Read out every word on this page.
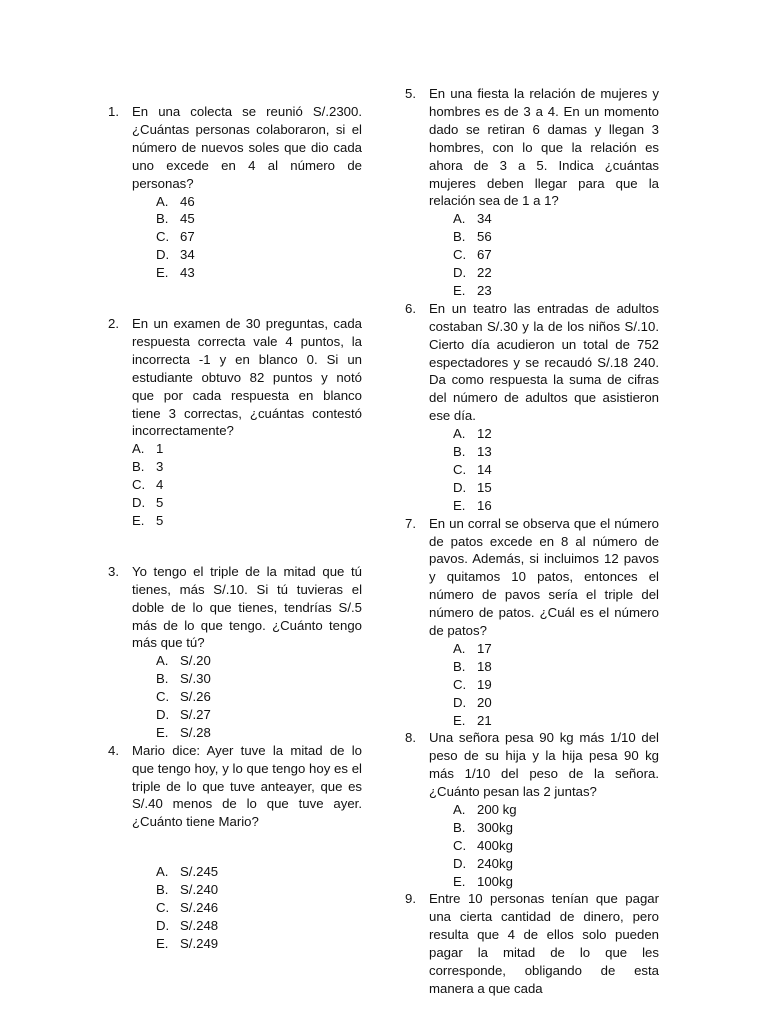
1. En una colecta se reunió S/.2300. ¿Cuántas personas colaboraron, si el número de nuevos soles que dio cada uno excede en 4 al número de personas?
A. 46
B. 45
C. 67
D. 34
E. 43
2. En un examen de 30 preguntas, cada respuesta correcta vale 4 puntos, la incorrecta -1 y en blanco 0. Si un estudiante obtuvo 82 puntos y notó que por cada respuesta en blanco tiene 3 correctas, ¿cuántas contestó incorrectamente?
A. 1
B. 3
C. 4
D. 5
E. 5
3. Yo tengo el triple de la mitad que tú tienes, más S/.10. Si tú tuvieras el doble de lo que tienes, tendrías S/.5 más de lo que tengo. ¿Cuánto tengo más que tú?
A. S/.20
B. S/.30
C. S/.26
D. S/.27
E. S/.28
4. Mario dice: Ayer tuve la mitad de lo que tengo hoy, y lo que tengo hoy es el triple de lo que tuve anteayer, que es S/.40 menos de lo que tuve ayer. ¿Cuánto tiene Mario?
A. S/.245
B. S/.240
C. S/.246
D. S/.248
E. S/.249
5. En una fiesta la relación de mujeres y hombres es de 3 a 4. En un momento dado se retiran 6 damas y llegan 3 hombres, con lo que la relación es ahora de 3 a 5. Indica ¿cuántas mujeres deben llegar para que la relación sea de 1 a 1?
A. 34
B. 56
C. 67
D. 22
E. 23
6. En un teatro las entradas de adultos costaban S/.30 y la de los niños S/.10. Cierto día acudieron un total de 752 espectadores y se recaudó S/.18 240. Da como respuesta la suma de cifras del número de adultos que asistieron ese día.
A. 12
B. 13
C. 14
D. 15
E. 16
7. En un corral se observa que el número de patos excede en 8 al número de pavos. Además, si incluimos 12 pavos y quitamos 10 patos, entonces el número de pavos sería el triple del número de patos. ¿Cuál es el número de patos?
A. 17
B. 18
C. 19
D. 20
E. 21
8. Una señora pesa 90 kg más 1/10 del peso de su hija y la hija pesa 90 kg más 1/10 del peso de la señora. ¿Cuánto pesan las 2 juntas?
A. 200 kg
B. 300kg
C. 400kg
D. 240kg
E. 100kg
9. Entre 10 personas tenían que pagar una cierta cantidad de dinero, pero resulta que 4 de ellos solo pueden pagar la mitad de lo que les corresponde, obligando de esta manera a que cada
